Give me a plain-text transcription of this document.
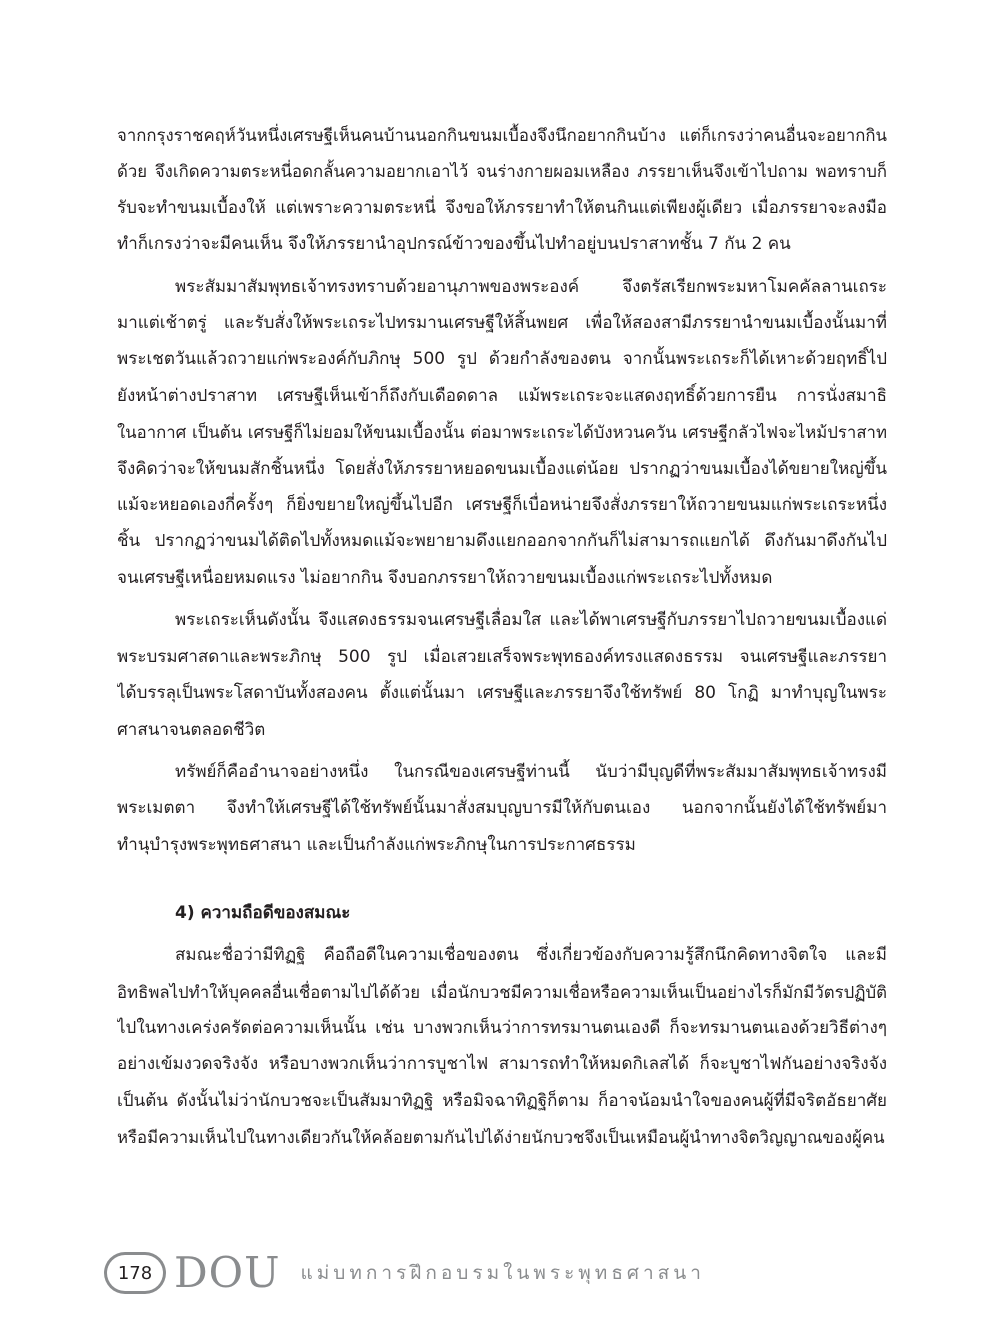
จากกรุงราชคฤห์วันหนึ่งเศรษฐีเห็นคนบ้านนอกกินขนมเบื้องจึงนึกอยากกินบ้าง แต่ก็เกรงว่าคนอื่นจะอยากกิน
ด้วย จึงเกิดความตระหนี่อดกลั้นความอยากเอาไว้ จนร่างกายผอมเหลือง ภรรยาเห็นจึงเข้าไปถาม พอทราบก็
รับจะทำขนมเบื้องให้ แต่เพราะความตระหนี่ จึงขอให้ภรรยาทำให้ตนกินแต่เพียงผู้เดียว เมื่อภรรยาจะลงมือ
ทำก็เกรงว่าจะมีคนเห็น จึงให้ภรรยานำอุปกรณ์ข้าวของขึ้นไปทำอยู่บนปราสาทชั้น 7 กัน 2 คน
พระสัมมาสัมพุทธเจ้าทรงทราบด้วยอานุภาพของพระองค์ จึงตรัสเรียกพระมหาโมคคัลลานเถระ
มาแต่เช้าตรู่ และรับสั่งให้พระเถระไปทรมานเศรษฐีให้สิ้นพยศ เพื่อให้สองสามีภรรยานำขนมเบื้องนั้นมาที่
พระเชตวันแล้วถวายแก่พระองค์กับภิกษุ 500 รูป ด้วยกำลังของตน จากนั้นพระเถระก็ได้เหาะด้วยฤทธิ์ไป
ยังหน้าต่างปราสาท เศรษฐีเห็นเข้าก็ถึงกับเดือดดาล แม้พระเถระจะแสดงฤทธิ์ด้วยการยืน การนั่งสมาธิ
ในอากาศ เป็นต้น เศรษฐีก็ไม่ยอมให้ขนมเบื้องนั้น ต่อมาพระเถระได้บังหวนควัน เศรษฐีกลัวไฟจะไหม้ปราสาท
จึงคิดว่าจะให้ขนมสักชิ้นหนึ่ง โดยสั่งให้ภรรยาหยอดขนมเบื้องแต่น้อย ปรากฏว่าขนมเบื้องได้ขยายใหญ่ขึ้น
แม้จะหยอดเองกี่ครั้งๆ ก็ยิ่งขยายใหญ่ขึ้นไปอีก เศรษฐีก็เบื่อหน่ายจึงสั่งภรรยาให้ถวายขนมแก่พระเถระหนึ่ง
ชิ้น ปรากฏว่าขนมได้ติดไปทั้งหมดแม้จะพยายามดึงแยกออกจากกันก็ไม่สามารถแยกได้ ดึงกันมาดึงกันไป
จนเศรษฐีเหนื่อยหมดแรง ไม่อยากกิน จึงบอกภรรยาให้ถวายขนมเบื้องแก่พระเถระไปทั้งหมด
พระเถระเห็นดังนั้น จึงแสดงธรรมจนเศรษฐีเลื่อมใส และได้พาเศรษฐีกับภรรยาไปถวายขนมเบื้องแด่
พระบรมศาสดาและพระภิกษุ 500 รูป เมื่อเสวยเสร็จพระพุทธองค์ทรงแสดงธรรม จนเศรษฐีและภรรยา
ได้บรรลุเป็นพระโสดาบันทั้งสองคน ตั้งแต่นั้นมา เศรษฐีและภรรยาจึงใช้ทรัพย์ 80 โกฏิ มาทำบุญในพระ
ศาสนาจนตลอดชีวิต
ทรัพย์ก็คืออำนาจอย่างหนึ่ง ในกรณีของเศรษฐีท่านนี้ นับว่ามีบุญดีที่พระสัมมาสัมพุทธเจ้าทรงมี
พระเมตตา จึงทำให้เศรษฐีได้ใช้ทรัพย์นั้นมาสั่งสมบุญบารมีให้กับตนเอง นอกจากนั้นยังได้ใช้ทรัพย์มา
ทำนุบำรุงพระพุทธศาสนา และเป็นกำลังแก่พระภิกษุในการประกาศธรรม
4) ความถือดีของสมณะ
สมณะชื่อว่ามีทิฏฐิ คือถือดีในความเชื่อของตน ซึ่งเกี่ยวข้องกับความรู้สึกนึกคิดทางจิตใจ และมี
อิทธิพลไปทำให้บุคคลอื่นเชื่อตามไปได้ด้วย เมื่อนักบวชมีความเชื่อหรือความเห็นเป็นอย่างไรก็มักมีวัตรปฏิบัติ
ไปในทางเคร่งครัดต่อความเห็นนั้น เช่น บางพวกเห็นว่าการทรมานตนเองดี ก็จะทรมานตนเองด้วยวิธีต่างๆ
อย่างเข้มงวดจริงจัง หรือบางพวกเห็นว่าการบูชาไฟ สามารถทำให้หมดกิเลสได้ ก็จะบูชาไฟกันอย่างจริงจัง
เป็นต้น ดังนั้นไม่ว่านักบวชจะเป็นสัมมาทิฏฐิ หรือมิจฉาทิฏฐิก็ตาม ก็อาจน้อมนำใจของคนผู้ที่มีจริตอัธยาศัย
หรือมีความเห็นไปในทางเดียวกันให้คล้อยตามกันไปได้ง่ายนักบวชจึงเป็นเหมือนผู้นำทางจิตวิญญาณของผู้คน
178 DOU แม่บทการฝึกอบรมในพระพุทธศาสนา
